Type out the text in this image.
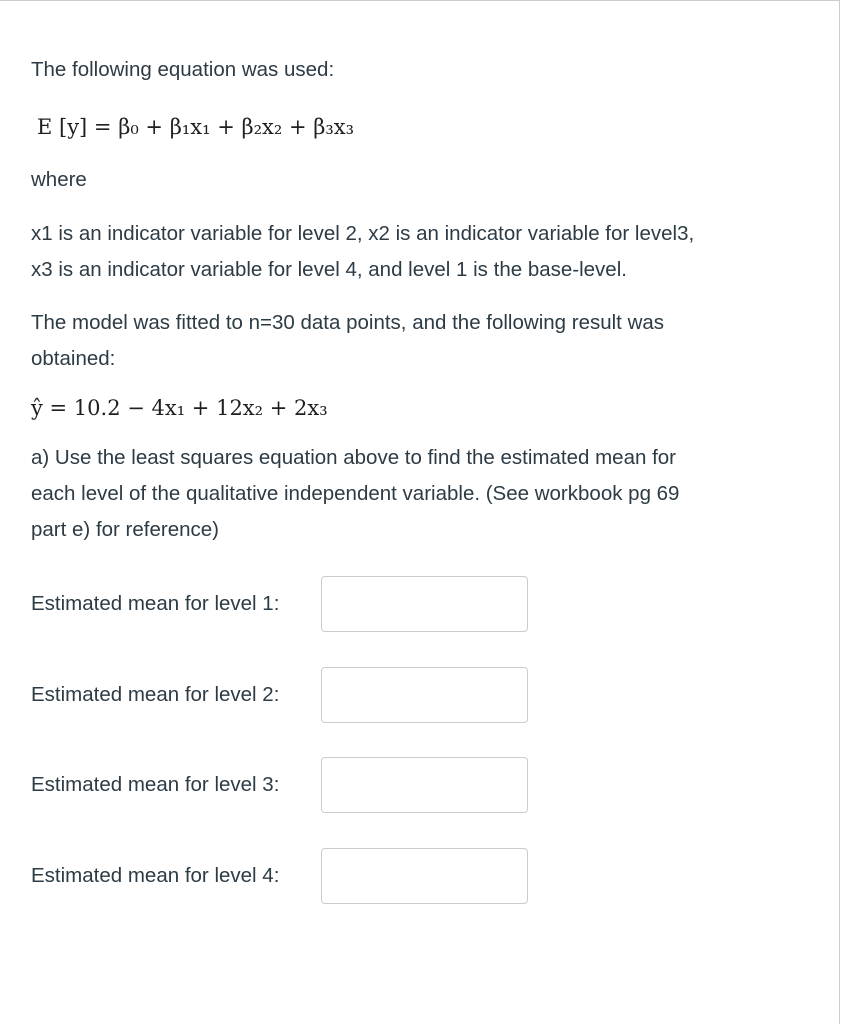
The following equation was used:

E [y] = β₀ + β₁x₁ + β₂x₂ + β₃x₃

where

x1 is an indicator variable for level 2, x2 is an indicator variable for level3,

x3 is an indicator variable for level 4, and level 1 is the base-level.

The model was fitted to n=30 data points, and the following result was

obtained:

ŷ = 10.2 − 4x₁ + 12x₂ + 2x₃

a) Use the least squares equation above to find the estimated mean for

each level of the qualitative independent variable. (See workbook pg 69

part e) for reference)

Estimated mean for level 1:
Estimated mean for level 2:
Estimated mean for level 3:
Estimated mean for level 4:
